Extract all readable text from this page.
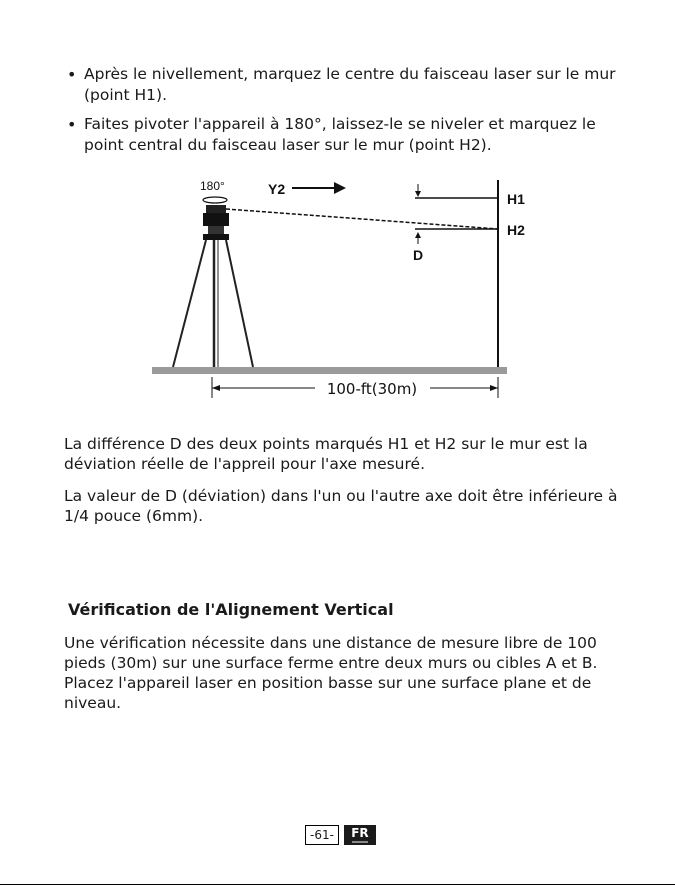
• Après le nivellement, marquez le centre du faisceau laser sur le mur (point H1).
• Faites pivoter l'appareil à 180°, laissez-le se niveler et marquez le point central du faisceau laser sur le mur (point H2).
H1
H2
D
Y2
180°
100-ft(30m)

La différence D des deux points marqués H1 et H2 sur le mur est la déviation réelle de l'appreil pour l'axe mesuré.

La valeur de D (déviation) dans l'un ou l'autre axe doit être inférieure à 1/4 pouce (6mm).

Vérification de l'Alignement Vertical

Une vérification nécessite dans une distance de mesure libre de 100 pieds (30m) sur une surface ferme entre deux murs ou cibles A et B. Placez l'appareil laser en position basse sur une surface plane et de niveau.

-61-	FR
